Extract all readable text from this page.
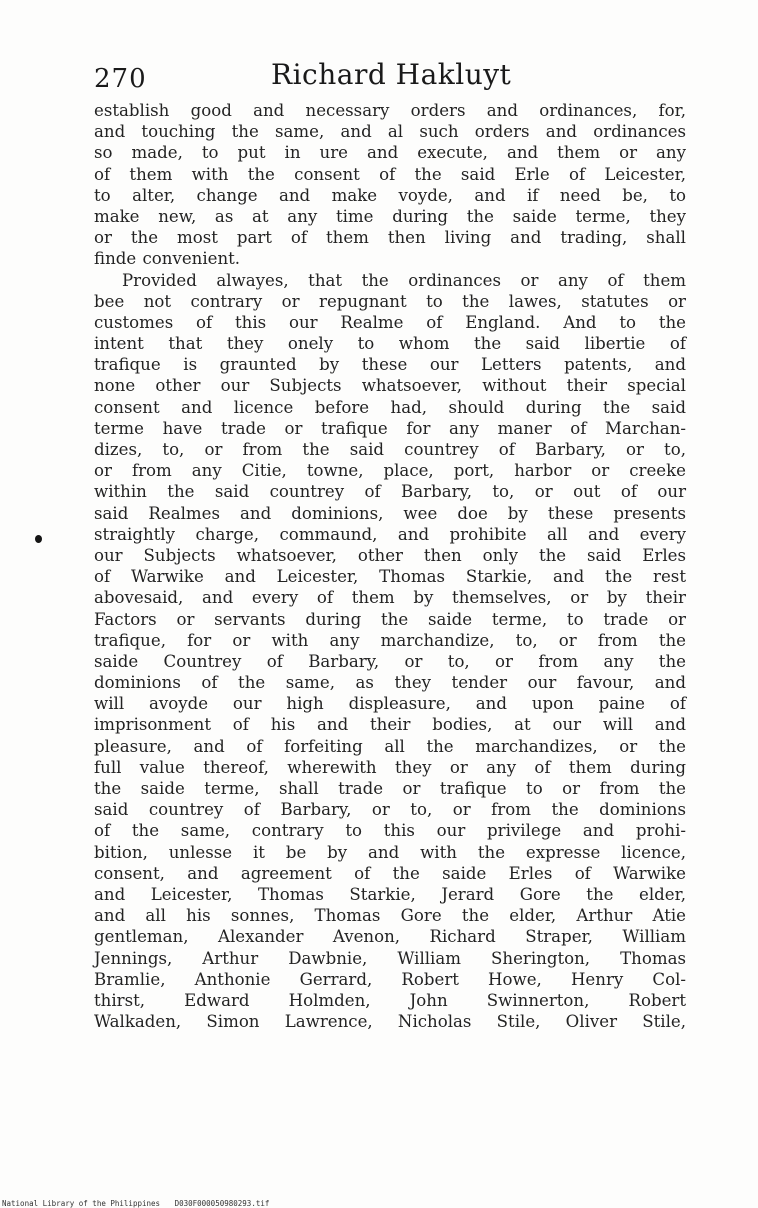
270	Richard Hakluyt
establish good and necessary orders and ordinances, for,
and touching the same, and al such orders and ordinances
so made, to put in ure and execute, and them or any
of them with the consent of the said Erle of Leicester,
to alter, change and make voyde, and if need be, to
make new, as at any time during the saide terme, they
or the most part of them then living and trading, shall
finde convenient.
Provided alwayes, that the ordinances or any of them
bee not contrary or repugnant to the lawes, statutes or
customes of this our Realme of England. And to the
intent that they onely to whom the said libertie of
trafique is graunted by these our Letters patents, and
none other our Subjects whatsoever, without their special
consent and licence before had, should during the said
terme have trade or trafique for any maner of Marchan-
dizes, to, or from the said countrey of Barbary, or to,
or from any Citie, towne, place, port, harbor or creeke
within the said countrey of Barbary, to, or out of our
said Realmes and dominions, wee doe by these presents
straightly charge, commaund, and prohibite all and every
our Subjects whatsoever, other then only the said Erles
of Warwike and Leicester, Thomas Starkie, and the rest
abovesaid, and every of them by themselves, or by their
Factors or servants during the saide terme, to trade or
trafique, for or with any marchandize, to, or from the
saide Countrey of Barbary, or to, or from any the
dominions of the same, as they tender our favour, and
will avoyde our high displeasure, and upon paine of
imprisonment of his and their bodies, at our will and
pleasure, and of forfeiting all the marchandizes, or the
full value thereof, wherewith they or any of them during
the saide terme, shall trade or trafique to or from the
said countrey of Barbary, or to, or from the dominions
of the same, contrary to this our privilege and prohi-
bition, unlesse it be by and with the expresse licence,
consent, and agreement of the saide Erles of Warwike
and Leicester, Thomas Starkie, Jerard Gore the elder,
and all his sonnes, Thomas Gore the elder, Arthur Atie
gentleman, Alexander Avenon, Richard Straper, William
Jennings, Arthur Dawbnie, William Sherington, Thomas
Bramlie, Anthonie Gerrard, Robert Howe, Henry Col-
thirst, Edward Holmden, John Swinnerton, Robert
Walkaden, Simon Lawrence, Nicholas Stile, Oliver Stile,
National Library of the Philippines D030F000050980293.tif
